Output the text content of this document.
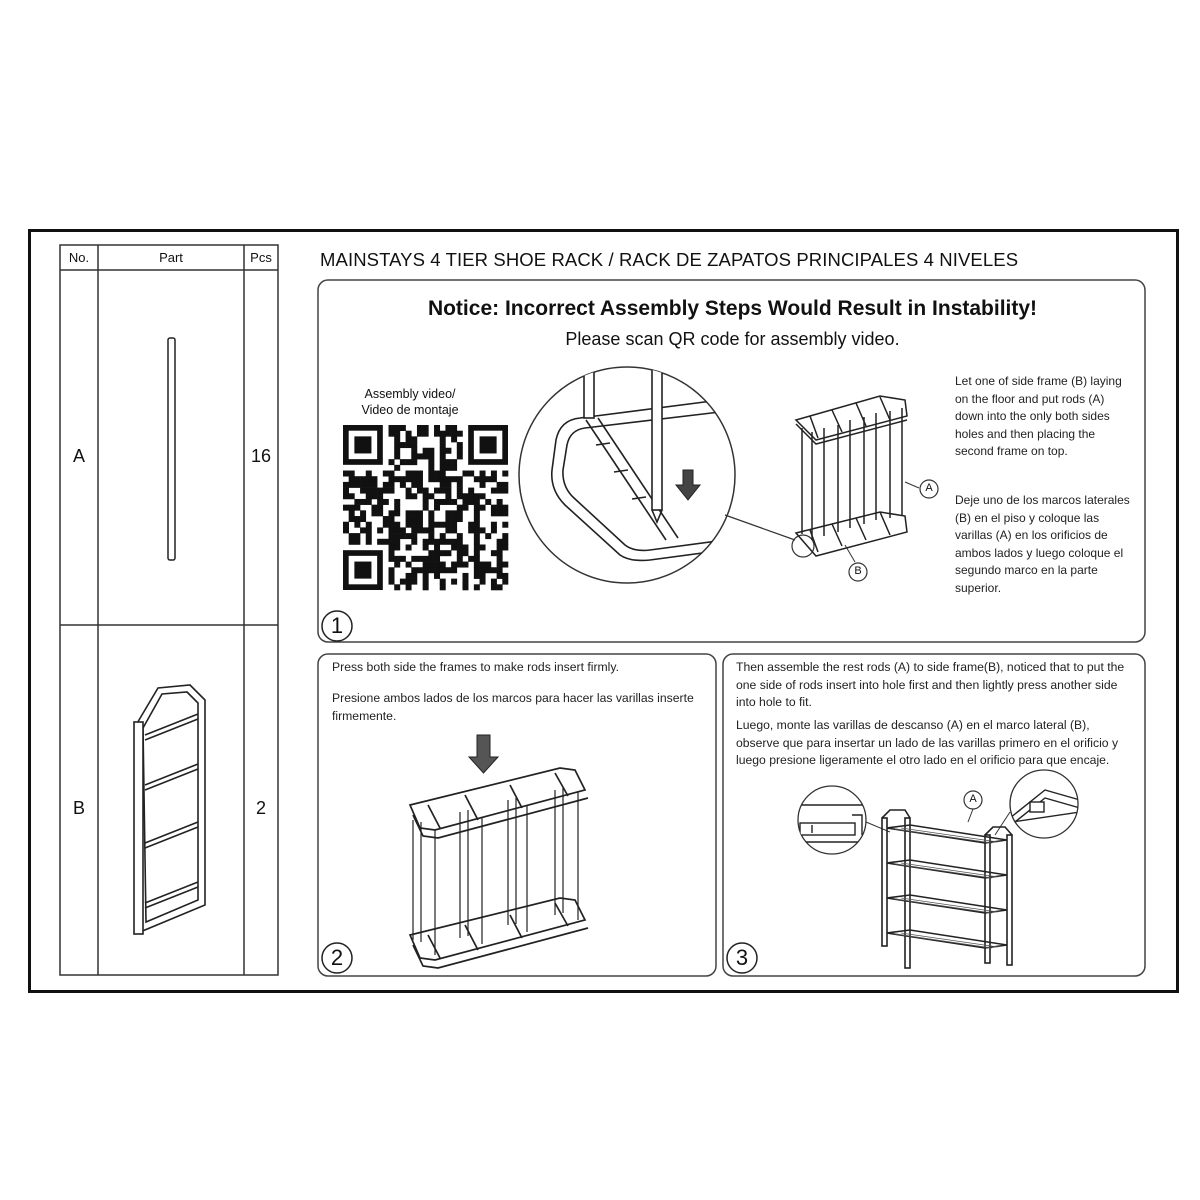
No.	Part	Pcs
A	16
B	2
MAINSTAYS 4 TIER SHOE RACK / RACK DE ZAPATOS PRINCIPALES 4 NIVELES
Notice: Incorrect Assembly Steps Would Result in Instability!
Please scan QR code for assembly video.
Assembly video/
Video de montaje
A
B
Let one of side frame (B) laying on the floor and put rods (A) down into the only both sides holes and then placing the second frame on top.
Deje uno de los marcos laterales (B) en el piso y coloque las varillas (A) en los orificios de ambos lados y luego coloque el segundo marco en la parte superior.
1
2	3
Press both side the frames to make rods insert firmly.
Presione ambos lados de los marcos para hacer las varillas inserte firmemente.
Then assemble the rest rods (A) to side frame(B), noticed that to put the one side of rods insert into hole first and then lightly press another side into hole to fit.
Luego, monte las varillas de descanso (A) en el marco lateral (B), observe que para insertar un lado de las varillas primero en el orificio y luego presione ligeramente el otro lado en el orificio para que encaje.
A
